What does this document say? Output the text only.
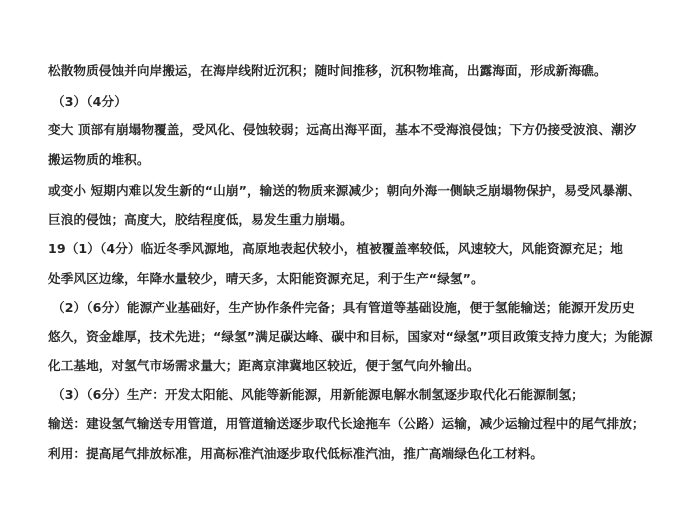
松散物质侵蚀并向岸搬运，在海岸线附近沉积；随时间推移，沉积物堆高，出露海面，形成新海礁。
（3）（4分）
变大 顶部有崩塌物覆盖，受风化、侵蚀较弱；远高出海平面，基本不受海浪侵蚀；下方仍接受波浪、潮汐
搬运物质的堆积。
或变小 短期内难以发生新的“山崩”，输送的物质来源减少；朝向外海一侧缺乏崩塌物保护，易受风暴潮、
巨浪的侵蚀；高度大，胶结程度低，易发生重力崩塌。
19（1）（4分）临近冬季风源地，高原地表起伏较小，植被覆盖率较低，风速较大，风能资源充足；地
处季风区边缘，年降水量较少，晴天多，太阳能资源充足，利于生产“绿氢”。
（2）（6分）能源产业基础好，生产协作条件完备；具有管道等基础设施，便于氢能输送；能源开发历史
悠久，资金雄厚，技术先进；“绿氢”满足碳达峰、碳中和目标，国家对“绿氢”项目政策支持力度大；为能源
化工基地，对氢气市场需求量大；距离京津冀地区较近，便于氢气向外输出。
（3）（6分）生产：开发太阳能、风能等新能源，用新能源电解水制氢逐步取代化石能源制氢；
输送：建设氢气输送专用管道，用管道输送逐步取代长途拖车（公路）运输，减少运输过程中的尾气排放；
利用：提高尾气排放标准，用高标准汽油逐步取代低标准汽油，推广高端绿色化工材料。
